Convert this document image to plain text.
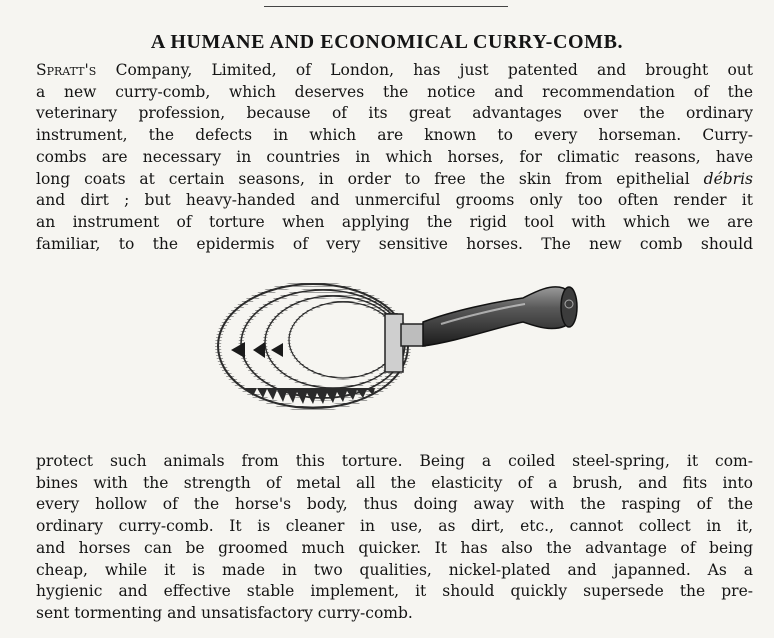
A HUMANE AND ECONOMICAL CURRY-COMB.
Spratt's Company, Limited, of London, has just patented and brought out
a new curry-comb, which deserves the notice and recommendation of the
veterinary profession, because of its great advantages over the ordinary
instrument, the defects in which are known to every horseman. Curry-
combs are necessary in countries in which horses, for climatic reasons, have
long coats at certain seasons, in order to free the skin from epithelial débris
and dirt ; but heavy-handed and unmerciful grooms only too often render it
an instrument of torture when applying the rigid tool with which we are
familiar, to the epidermis of very sensitive horses. The new comb should
protect such animals from this torture. Being a coiled steel-spring, it com-
bines with the strength of metal all the elasticity of a brush, and fits into
every hollow of the horse's body, thus doing away with the rasping of the
ordinary curry-comb. It is cleaner in use, as dirt, etc., cannot collect in it,
and horses can be groomed much quicker. It has also the advantage of being
cheap, while it is made in two qualities, nickel-plated and japanned. As a
hygienic and effective stable implement, it should quickly supersede the pre-
sent tormenting and unsatisfactory curry-comb.
